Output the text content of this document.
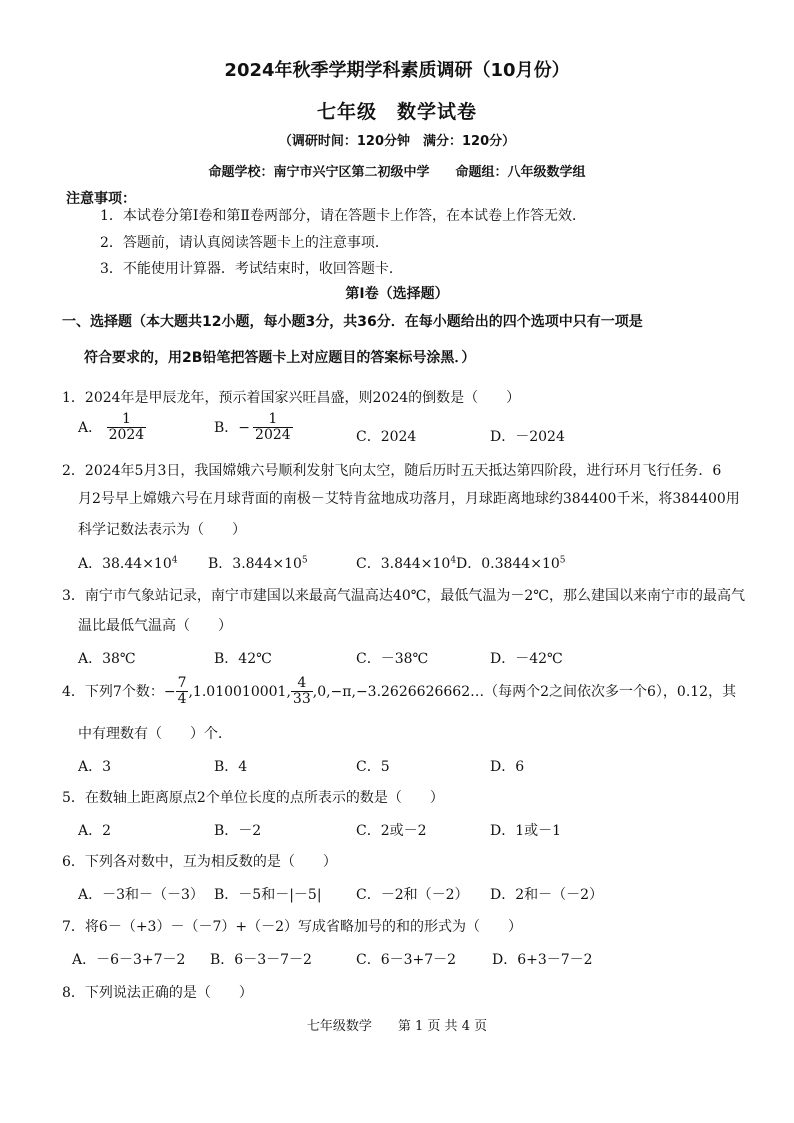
2024年秋季学期学科素质调研（10月份）
七年级　数学试卷
（调研时间：120分钟　满分：120分）
命题学校：南宁市兴宁区第二初级中学　　命题组：八年级数学组
注意事项：
1．本试卷分第Ⅰ卷和第Ⅱ卷两部分，请在答题卡上作答，在本试卷上作答无效．
2．答题前，请认真阅读答题卡上的注意事项．
3．不能使用计算器．考试结束时，收回答题卡．
第Ⅰ卷（选择题）
一、选择题（本大题共12小题，每小题3分，共36分．在每小题给出的四个选项中只有一项是
符合要求的，用2B铅笔把答题卡上对应题目的答案标号涂黑．）
1．2024年是甲辰龙年，预示着国家兴旺昌盛，则2024的倒数是（　　）
A． $\frac{1}{2024}$	B．− $\frac{1}{2024}$	C．2024	D．－2024
2．2024年5月3日，我国嫦娥六号顺利发射飞向太空，随后历时五天抵达第四阶段，进行环月飞行任务．6
月2号早上嫦娥六号在月球背面的南极－艾特肯盆地成功落月，月球距离地球约384400千米，将384400用
科学记数法表示为（　　）
A．$38.44\times 10^4$ B．$3.844\times 10^5$	C．$3.844\times 10^4$ D．$0.3844\times 10^5$
3．南宁市气象站记录，南宁市建国以来最高气温高达40℃，最低气温为－2℃，那么建国以来南宁市的最高气
温比最低气温高（　　）
A．38℃	B．42℃	C．－38℃	D．－42℃
4．下列7个数：− $\frac{7}{4} ,1.010010001$, $\frac{4}{33}$ ,0,−π,−3.2626626662…（每两个2之间依次多一个6），0.12，其
中有理数有（　　）个．
A．3	B．4	C．5	D．6
5．在数轴上距离原点2个单位长度的点所表示的数是（　　）
A．2	B．－2	C．2或－2	D．1或－1
6．下列各对数中，互为相反数的是（　　）
A．－3和－（－3） B．－5和－|－5| C．－2和（－2） D．2和－（－2）
7．将6－（+3）－（－7）+（－2）写成省略加号的和的形式为（　　）
A．－6－3+7－2 B．6－3－7－2	C．6－3+7－2	D．6+3－7－2
8．下列说法正确的是（　　）
七年级数学　　第 1 页 共 4 页
